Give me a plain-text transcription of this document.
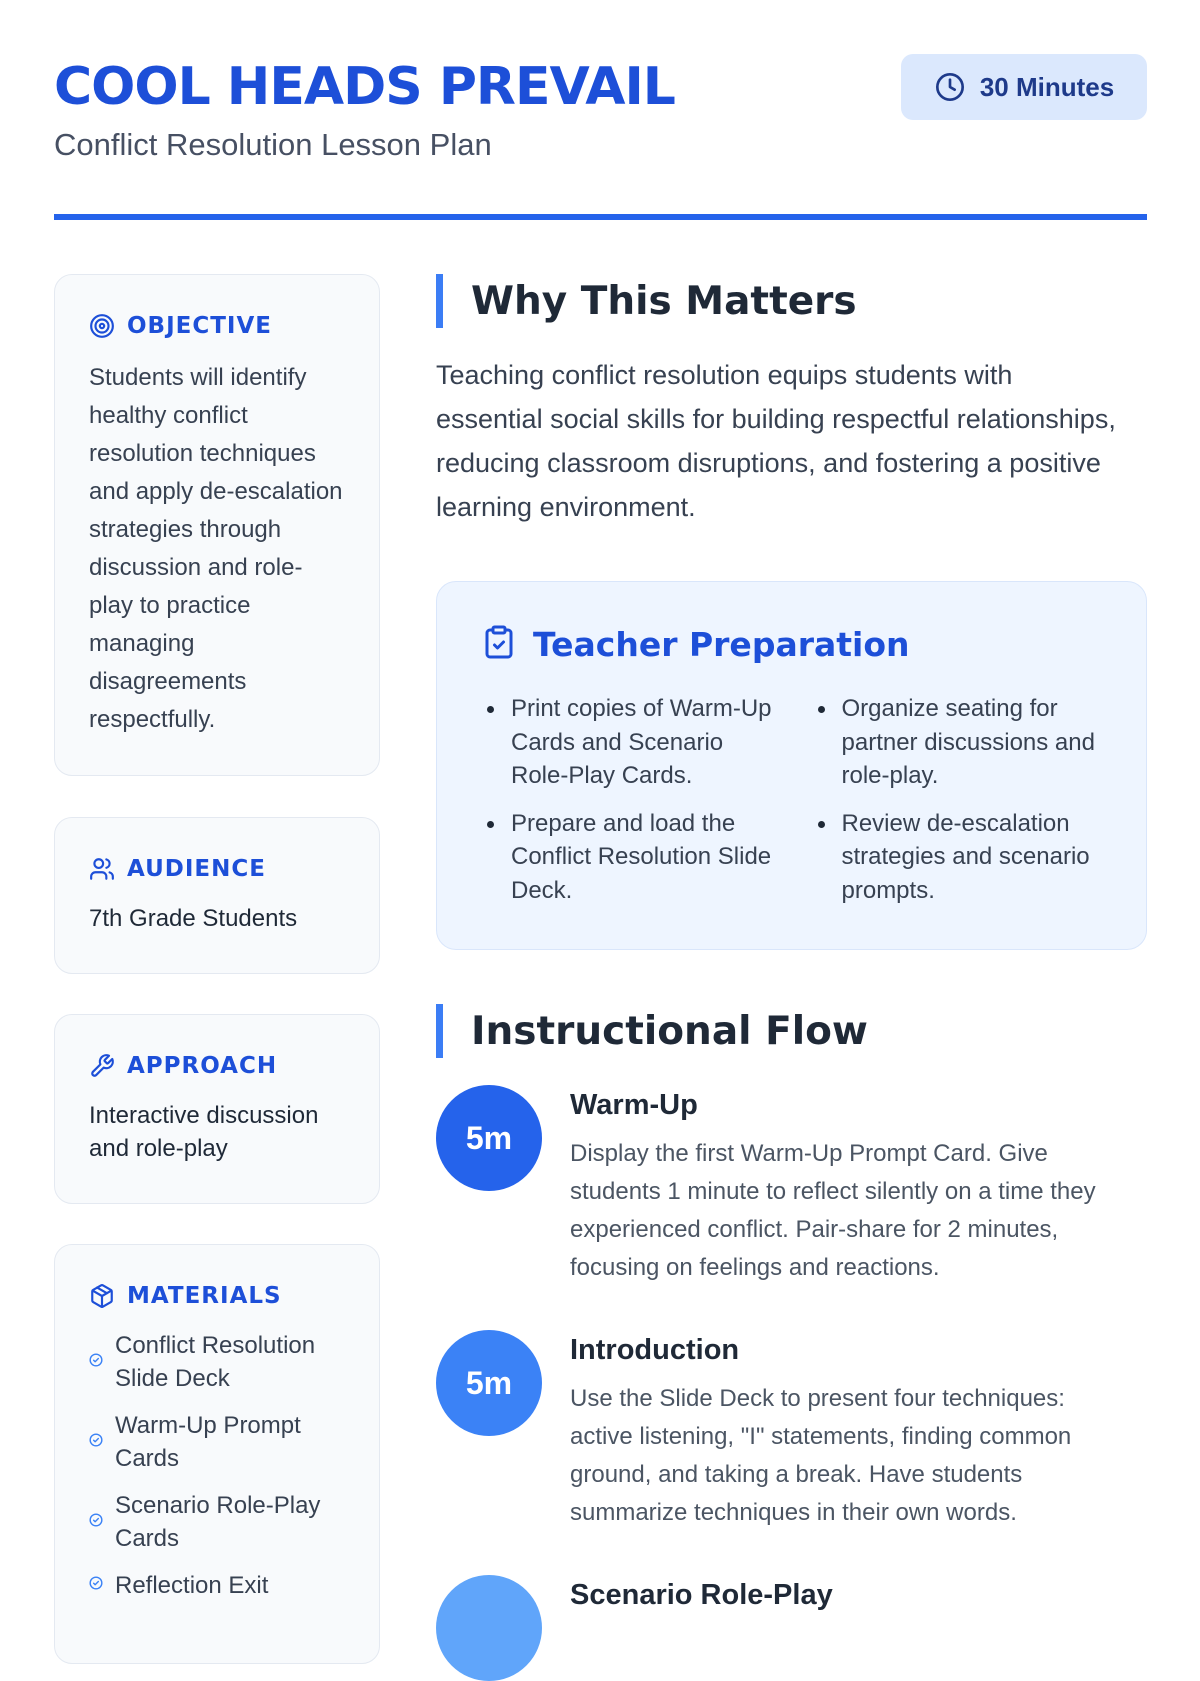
COOL HEADS PREVAIL
Conflict Resolution Lesson Plan
30 Minutes
OBJECTIVE
Students will identify healthy conflict resolution techniques and apply de-escalation strategies through discussion and role-play to practice managing disagreements respectfully.
AUDIENCE
7th Grade Students
APPROACH
Interactive discussion and role-play
MATERIALS
Conflict Resolution Slide Deck
Warm-Up Prompt Cards
Scenario Role-Play Cards
Reflection Exit
Why This Matters
Teaching conflict resolution equips students with essential social skills for building respectful relationships, reducing classroom disruptions, and fostering a positive learning environment.
Teacher Preparation
Print copies of Warm-Up Cards and Scenario Role-Play Cards.
Organize seating for partner discussions and role-play.
Prepare and load the Conflict Resolution Slide Deck.
Review de-escalation strategies and scenario prompts.
Instructional Flow
5m
Warm-Up
Display the first Warm-Up Prompt Card. Give students 1 minute to reflect silently on a time they experienced conflict. Pair-share for 2 minutes, focusing on feelings and reactions.
5m
Introduction
Use the Slide Deck to present four techniques: active listening, "I" statements, finding common ground, and taking a break. Have students summarize techniques in their own words.
Scenario Role-Play
